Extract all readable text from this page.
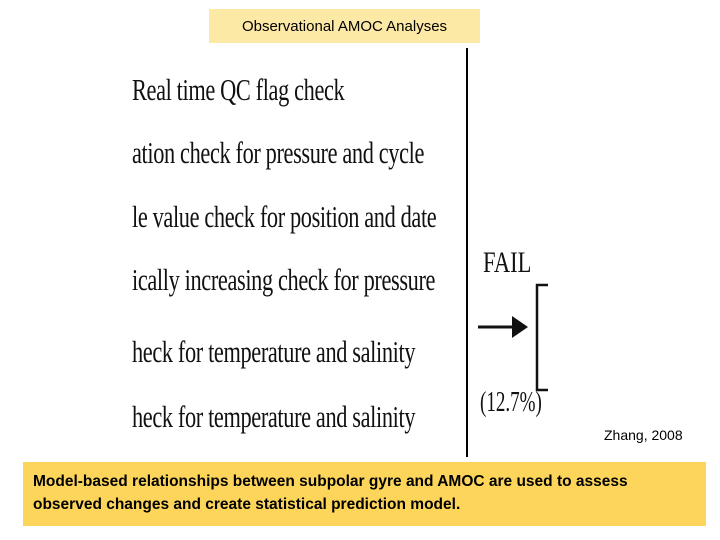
Observational AMOC Analyses
Real time QC flag check
ation check for pressure and cycle
le value check for position and date
ically increasing check for pressure
heck for temperature and salinity
heck for temperature and salinity
FAIL
(12.7%)
Zhang, 2008
Model-based relationships between subpolar gyre and AMOC are used to assess observed changes and create statistical prediction model.
